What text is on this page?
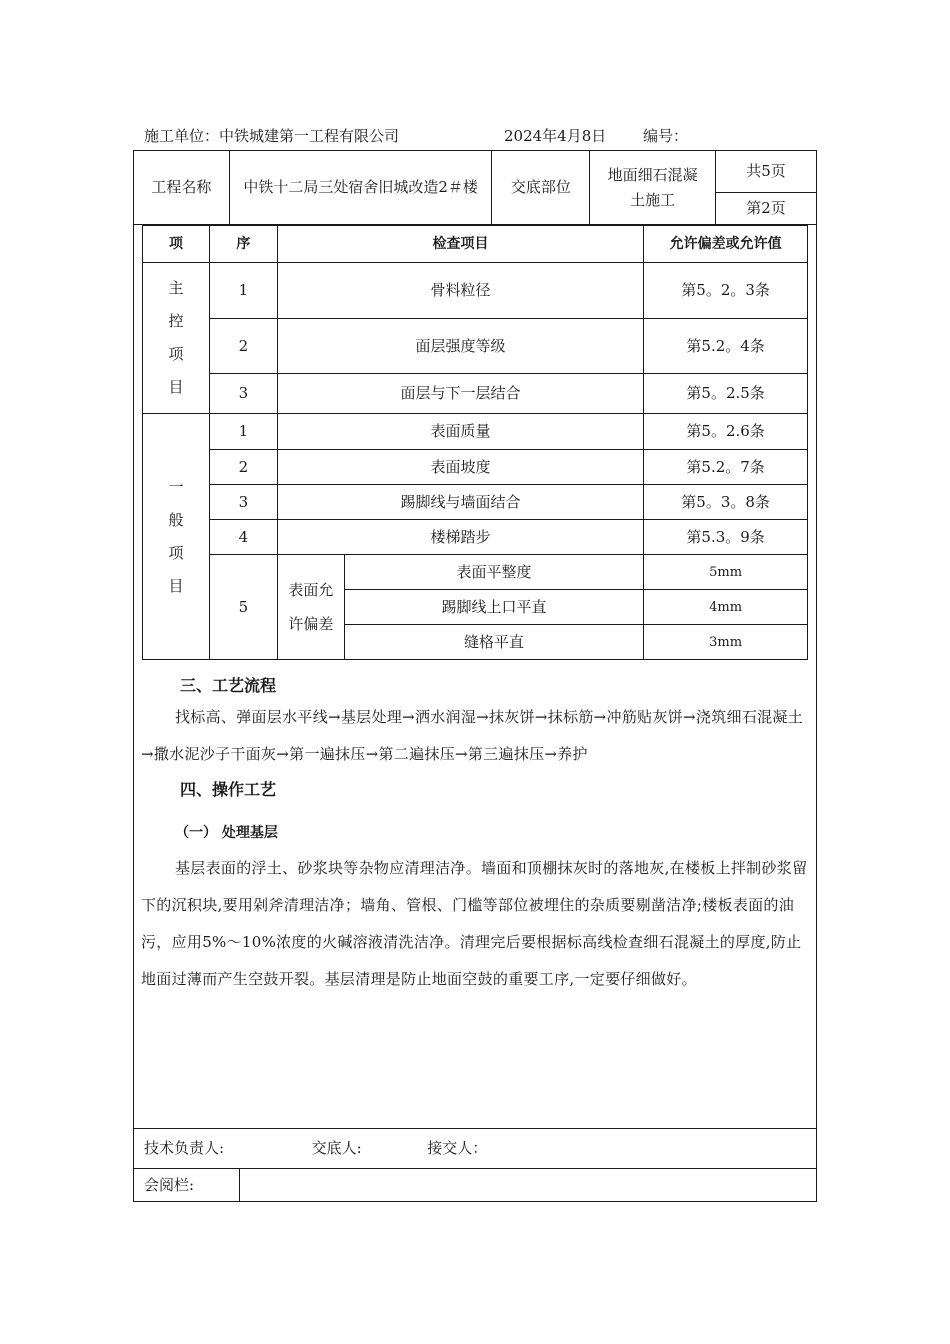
施工单位：中铁城建第一工程有限公司	2024年4月8日 编号：
工程名称	中铁十二局三处宿舍旧城改造2＃楼	交底部位	地面细石混凝土施工	共5页
第2页
项	序	检查项目		允许偏差或允许值
主控项目	1	骨料粒径		第5。2。3条
	2	面层强度等级		第5.2。4条
	3	面层与下一层结合		第5。2.5条
一般项目	1	表面质量		第5。2.6条
	2	表面坡度		第5.2。7条
	3	踢脚线与墙面结合		第5。3。8条
	4	楼梯踏步		第5.3。9条
	5	表面允许偏差	表面平整度	5mm
			踢脚线上口平直	4mm
			缝格平直	3mm
三、工艺流程
找标高、弹面层水平线→基层处理→洒水润湿→抹灰饼→抹标筋→冲筋贴灰饼→浇筑细石混凝土→撒水泥沙子干面灰→第一遍抹压→第二遍抹压→第三遍抹压→养护
四、操作工艺
（一） 处理基层
基层表面的浮土、砂浆块等杂物应清理洁净。墙面和顶棚抹灰时的落地灰,在楼板上拌制砂浆留下的沉积块,要用剁斧清理洁净；墙角、管根、门槛等部位被埋住的杂质要剔凿洁净;楼板表面的油污，应用5%～10%浓度的火碱溶液清洗洁净。清理完后要根据标高线检查细石混凝土的厚度,防止地面过薄而产生空鼓开裂。基层清理是防止地面空鼓的重要工序,一定要仔细做好。
技术负责人:	交底人:	接交人：
会阅栏:	
